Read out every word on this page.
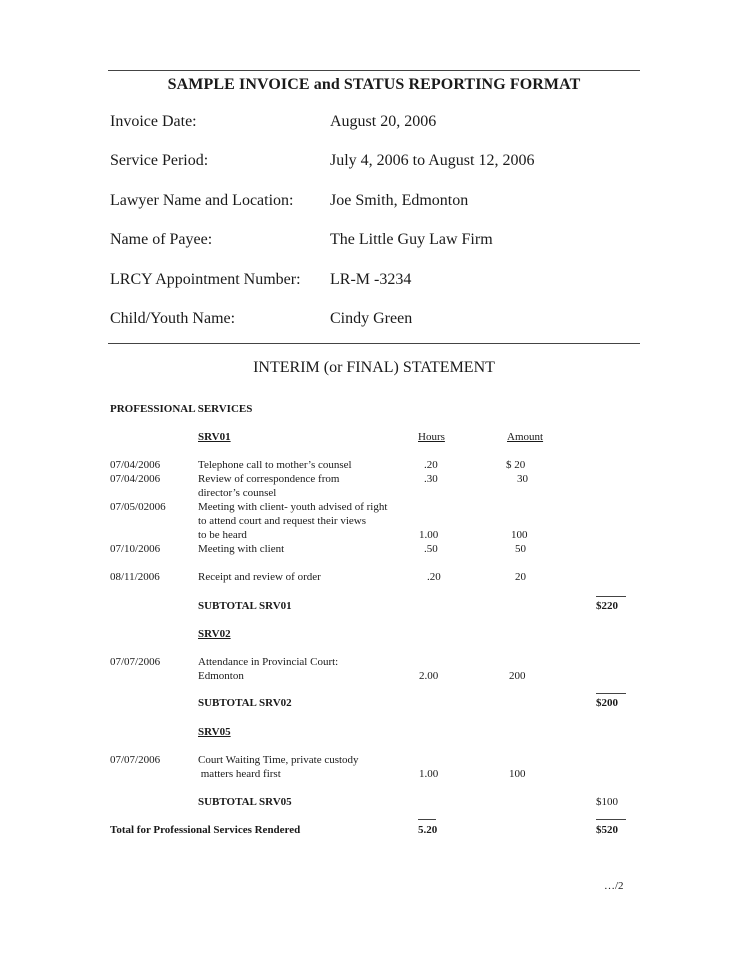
SAMPLE INVOICE and STATUS REPORTING FORMAT
Invoice Date:	August 20, 2006
Service Period:	July 4, 2006 to August 12, 2006
Lawyer Name and Location: Joe Smith, Edmonton
Name of Payee:	The Little Guy Law Firm
LRCY Appointment Number: LR-M -3234
Child/Youth Name:	Cindy Green
INTERIM (or FINAL) STATEMENT
PROFESSIONAL SERVICES
SRV01	Hours	Amount
07/04/2006	Telephone call to mother’s counsel	.20	$ 20
07/04/2006	Review of correspondence from	.30	30
director’s counsel
07/05/02006	Meeting with client- youth advised of right
to attend court and request their views
to be heard	1.00	100
07/10/2006	Meeting with client	.50	50
08/11/2006	Receipt and review of order	.20	20
SUBTOTAL SRV01	$220
SRV02
07/07/2006	Attendance in Provincial Court:
Edmonton	2.00	200
SUBTOTAL SRV02	$200
SRV05
07/07/2006	Court Waiting Time, private custody
matters heard first	1.00	100
SUBTOTAL SRV05	$100
Total for Professional Services Rendered	5.20	$520
…/2
